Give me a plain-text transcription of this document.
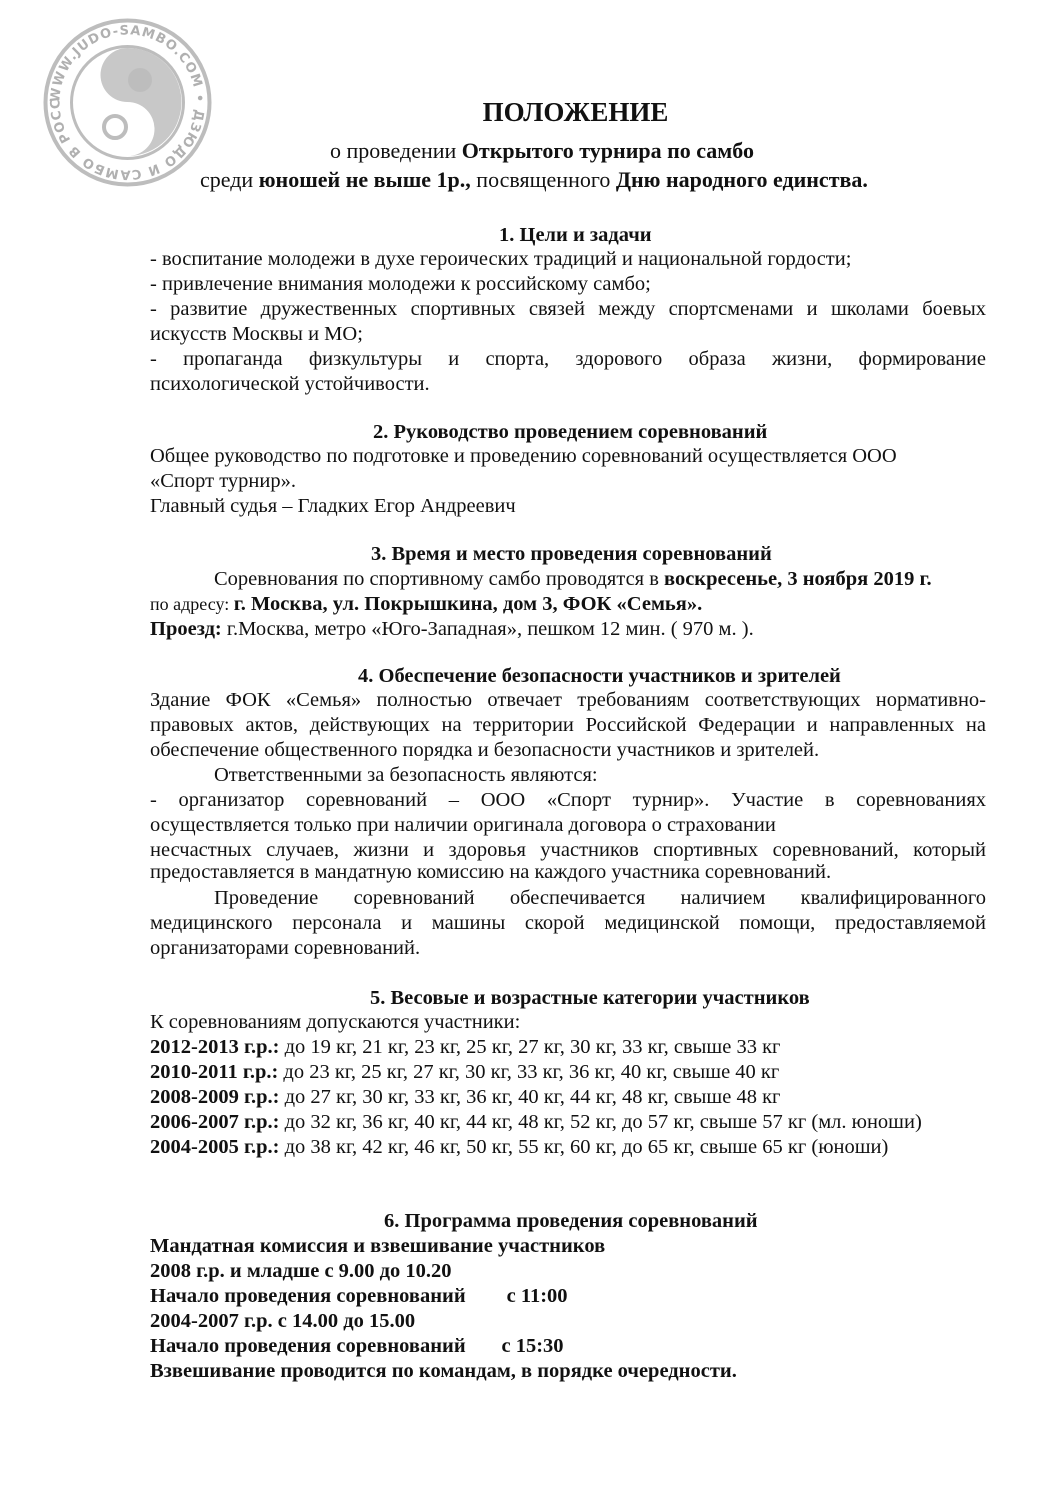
WWW.JUDO-SAMBO.COM • ДЗЮДО И САМБО В РОСС	ПОЛОЖЕНИЕ
о проведении Открытого турнира по самбо
среди юношей не выше 1р., посвященного Дню народного единства.
1. Цели и задачи
- воспитание молодежи в духе героических традиций и национальной гордости;
- привлечение внимания молодежи к российскому самбо;
- развитие дружественных спортивных связей между спортсменами и школами боевых
искусств Москвы и МО;
- пропаганда физкультуры и спорта, здорового образа жизни, формирование
психологической устойчивости.
2. Руководство проведением соревнований
Общее руководство по подготовке и проведению соревнований осуществляется ООО
«Спорт турнир».
Главный судья – Гладких Егор Андреевич
3. Время и место проведения соревнований
Соревнования по спортивному самбо проводятся в воскресенье, 3 ноября 2019 г.
по адресу: г. Москва, ул. Покрышкина, дом 3, ФОК «Семья».
Проезд: г.Москва, метро «Юго-Западная», пешком 12 мин. ( 970 м. ).
4. Обеспечение безопасности участников и зрителей
Здание ФОК «Семья» полностью отвечает требованиям соответствующих нормативно-
правовых актов, действующих на территории Российской Федерации и направленных на
обеспечение общественного порядка и безопасности участников и зрителей.
Ответственными за безопасность являются:
- организатор соревнований – ООО «Спорт турнир». Участие в соревнованиях
осуществляется только при наличии оригинала договора о страховании
несчастных случаев, жизни и здоровья участников спортивных соревнований, который
предоставляется в мандатную комиссию на каждого участника соревнований.
Проведение соревнований обеспечивается наличием квалифицированного
медицинского персонала и машины скорой медицинской помощи, предоставляемой
организаторами соревнований.
5. Весовые и возрастные категории участников
К соревнованиям допускаются участники:
2012-2013 г.р.: до 19 кг, 21 кг, 23 кг, 25 кг, 27 кг, 30 кг, 33 кг, свыше 33 кг
2010-2011 г.р.: до 23 кг, 25 кг, 27 кг, 30 кг, 33 кг, 36 кг, 40 кг, свыше 40 кг
2008-2009 г.р.: до 27 кг, 30 кг, 33 кг, 36 кг, 40 кг, 44 кг, 48 кг, свыше 48 кг
2006-2007 г.р.: до 32 кг, 36 кг, 40 кг, 44 кг, 48 кг, 52 кг, до 57 кг, свыше 57 кг (мл. юноши)
2004-2005 г.р.: до 38 кг, 42 кг, 46 кг, 50 кг, 55 кг, 60 кг, до 65 кг, свыше 65 кг (юноши)
6. Программа проведения соревнований
Мандатная комиссия и взвешивание участников
2008 г.р. и младше с 9.00 до 10.20
Начало проведения соревнований        с 11:00
2004-2007 г.р. с 14.00 до 15.00
Начало проведения соревнований       с 15:30
Взвешивание проводится по командам, в порядке очередности.
